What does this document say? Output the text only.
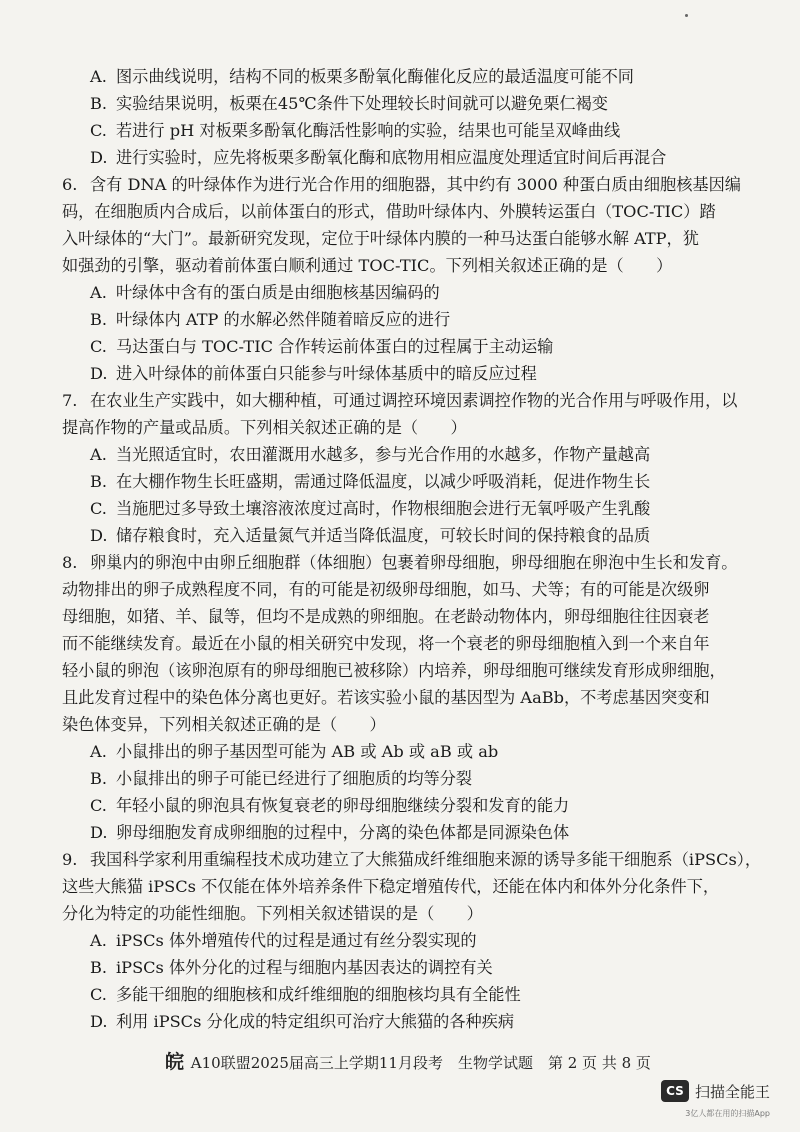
A. 图示曲线说明，结构不同的板栗多酚氧化酶催化反应的最适温度可能不同
B. 实验结果说明，板栗在45℃条件下处理较长时间就可以避免栗仁褐变
C. 若进行 pH 对板栗多酚氧化酶活性影响的实验，结果也可能呈双峰曲线
D. 进行实验时，应先将板栗多酚氧化酶和底物用相应温度处理适宜时间后再混合
6. 含有 DNA 的叶绿体作为进行光合作用的细胞器，其中约有 3000 种蛋白质由细胞核基因编
码，在细胞质内合成后，以前体蛋白的形式，借助叶绿体内、外膜转运蛋白（TOC-TIC）踏
入叶绿体的“大门”。最新研究发现，定位于叶绿体内膜的一种马达蛋白能够水解 ATP，犹
如强劲的引擎，驱动着前体蛋白顺利通过 TOC-TIC。下列相关叙述正确的是（　　）
A. 叶绿体中含有的蛋白质是由细胞核基因编码的
B. 叶绿体内 ATP 的水解必然伴随着暗反应的进行
C. 马达蛋白与 TOC-TIC 合作转运前体蛋白的过程属于主动运输
D. 进入叶绿体的前体蛋白只能参与叶绿体基质中的暗反应过程
7. 在农业生产实践中，如大棚种植，可通过调控环境因素调控作物的光合作用与呼吸作用，以
提高作物的产量或品质。下列相关叙述正确的是（　　）
A. 当光照适宜时，农田灌溉用水越多，参与光合作用的水越多，作物产量越高
B. 在大棚作物生长旺盛期，需通过降低温度，以减少呼吸消耗，促进作物生长
C. 当施肥过多导致土壤溶液浓度过高时，作物根细胞会进行无氧呼吸产生乳酸
D. 储存粮食时，充入适量氮气并适当降低温度，可较长时间的保持粮食的品质
8. 卵巢内的卵泡中由卵丘细胞群（体细胞）包裹着卵母细胞，卵母细胞在卵泡中生长和发育。
动物排出的卵子成熟程度不同，有的可能是初级卵母细胞，如马、犬等；有的可能是次级卵
母细胞，如猪、羊、鼠等，但均不是成熟的卵细胞。在老龄动物体内，卵母细胞往往因衰老
而不能继续发育。最近在小鼠的相关研究中发现，将一个衰老的卵母细胞植入到一个来自年
轻小鼠的卵泡（该卵泡原有的卵母细胞已被移除）内培养，卵母细胞可继续发育形成卵细胞，
且此发育过程中的染色体分离也更好。若该实验小鼠的基因型为 AaBb，不考虑基因突变和
染色体变异，下列相关叙述正确的是（　　）
A. 小鼠排出的卵子基因型可能为 AB 或 Ab 或 aB 或 ab
B. 小鼠排出的卵子可能已经进行了细胞质的均等分裂
C. 年轻小鼠的卵泡具有恢复衰老的卵母细胞继续分裂和发育的能力
D. 卵母细胞发育成卵细胞的过程中，分离的染色体都是同源染色体
9. 我国科学家利用重编程技术成功建立了大熊猫成纤维细胞来源的诱导多能干细胞系（iPSCs），
这些大熊猫 iPSCs 不仅能在体外培养条件下稳定增殖传代，还能在体内和体外分化条件下，
分化为特定的功能性细胞。下列相关叙述错误的是（　　）
A. iPSCs 体外增殖传代的过程是通过有丝分裂实现的
B. iPSCs 体外分化的过程与细胞内基因表达的调控有关
C. 多能干细胞的细胞核和成纤维细胞的细胞核均具有全能性
D. 利用 iPSCs 分化成的特定组织可治疗大熊猫的各种疾病
皖 A10联盟2025届高三上学期11月段考　生物学试题　第 2 页 共 8 页
CS 扫描全能王
3亿人都在用的扫描App
